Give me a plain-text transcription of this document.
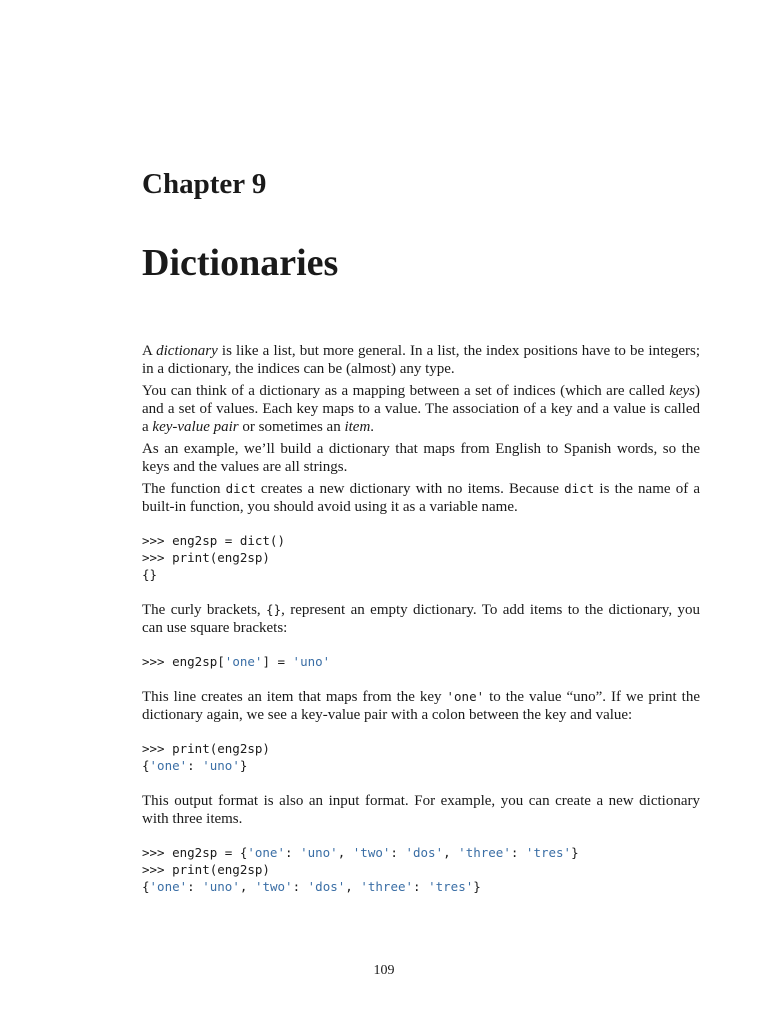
Chapter 9
Dictionaries

A dictionary is like a list, but more general. In a list, the index positions have to be integers; in a dictionary, the indices can be (almost) any type.

You can think of a dictionary as a mapping between a set of indices (which are called keys) and a set of values. Each key maps to a value. The association of a key and a value is called a key-value pair or sometimes an item.

As an example, we’ll build a dictionary that maps from English to Spanish words, so the keys and the values are all strings.

The function dict creates a new dictionary with no items. Because dict is the name of a built-in function, you should avoid using it as a variable name.

>>> eng2sp = dict()
>>> print(eng2sp)
{}

The curly brackets, {}, represent an empty dictionary. To add items to the dictionary, you can use square brackets:

>>> eng2sp['one'] = 'uno'

This line creates an item that maps from the key 'one' to the value “uno”. If we print the dictionary again, we see a key-value pair with a colon between the key and value:

>>> print(eng2sp)
{'one': 'uno'}

This output format is also an input format. For example, you can create a new dictionary with three items.

>>> eng2sp = {'one': 'uno', 'two': 'dos', 'three': 'tres'}
>>> print(eng2sp)
{'one': 'uno', 'two': 'dos', 'three': 'tres'}
109
